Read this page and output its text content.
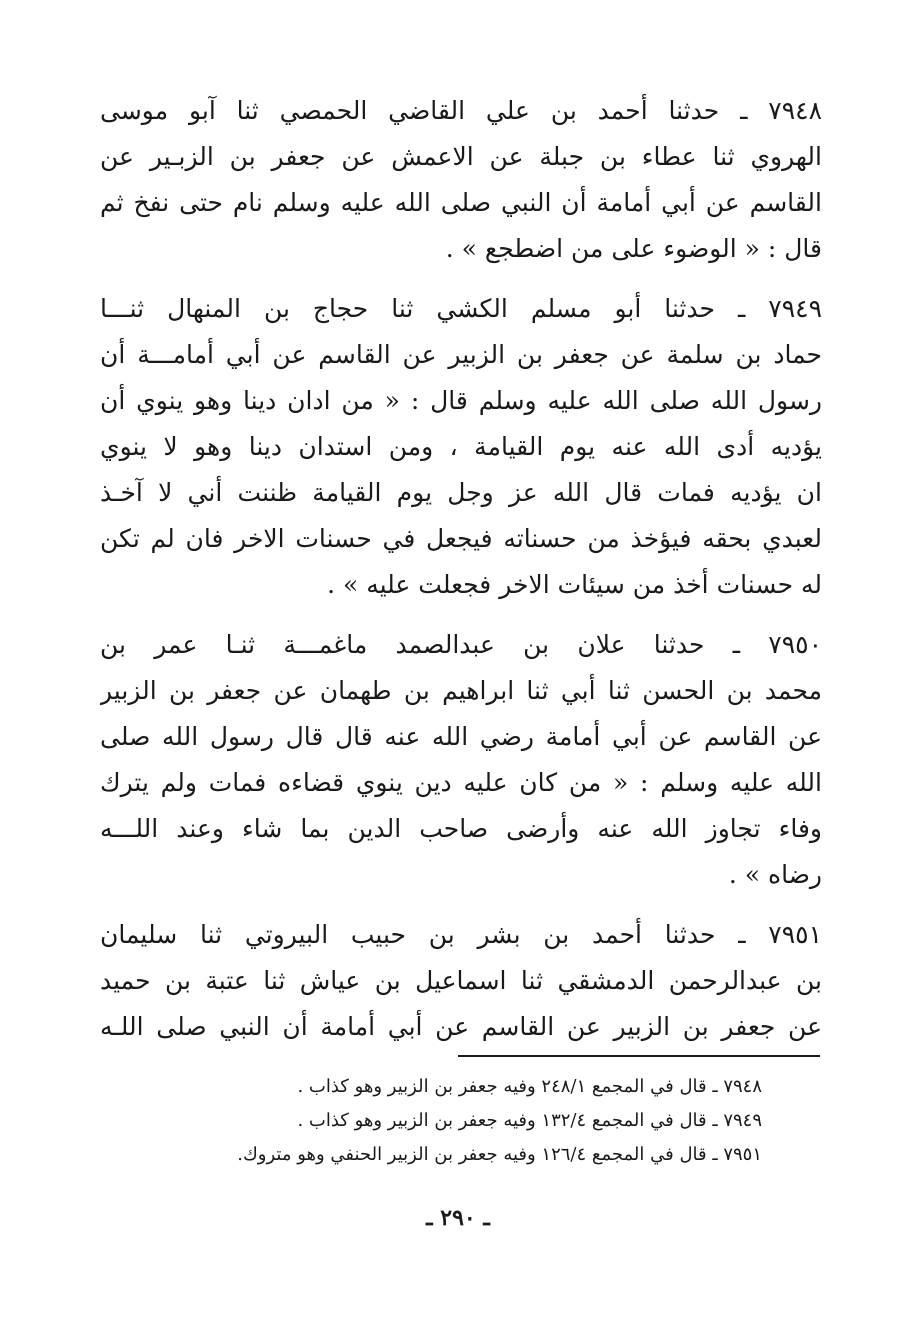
٧٩٤٨ ـ حدثنا أحمد بن علي القاضي الحمصي ثنا آبو موسى
الهروي ثنا عطاء بن جبلة عن الاعمش عن جعفر بن الزبـير عن
القاسم عن أبي أمامة أن النبي صلى الله عليه وسلم نام حتى نفخ ثم
قال : « الوضوء على من اضطجع » .
٧٩٤٩ ـ حدثنا أبو مسلم الكشي ثنا حجاج بن المنهال ثنـــا
حماد بن سلمة عن جعفر بن الزبير عن القاسم عن أبي أمامـــة أن
رسول الله صلى الله عليه وسلم قال : « من ادان دينا وهو ينوي أن
يؤديه أدى الله عنه يوم القيامة ، ومن استدان دينا وهو لا ينوي
ان يؤديه فمات قال الله عز وجل يوم القيامة ظننت أني لا آخـذ
لعبدي بحقه فيؤخذ من حسناته فيجعل في حسنات الاخر فان لم تكن
له حسنات أخذ من سيئات الاخر فجعلت عليه » .
٧٩٥٠ ـ حدثنا علان بن عبدالصمد ماغمـــة ثنـا عمر بن
محمد بن الحسن ثنا أبي ثنا ابراهيم بن طهمان عن جعفر بن الزبير
عن القاسم عن أبي أمامة رضي الله عنه قال قال رسول الله صلى
الله عليه وسلم : « من كان عليه دين ينوي قضاءه فمات ولم يترك
وفاء تجاوز الله عنه وأرضى صاحب الدين بما شاء وعند اللـــه
رضاه » .
٧٩٥١ ـ حدثنا أحمد بن بشر بن حبيب البيروتي ثنا سليمان
بن عبدالرحمن الدمشقي ثنا اسماعيل بن عياش ثنا عتبة بن حميد
عن جعفر بن الزبير عن القاسم عن أبي أمامة أن النبي صلى اللـه
٧٩٤٨ ـ قال في المجمع ٢٤٨/١ وفيه جعفر بن الزبير وهو كذاب .
٧٩٤٩ ـ قال في المجمع ١٣٢/٤ وفيه جعفر بن الزبير وهو كذاب .
٧٩٥١ ـ قال في المجمع ١٢٦/٤ وفيه جعفر بن الزبير الحنفي وهو متروك.
ـ ٢٩٠ ـ
